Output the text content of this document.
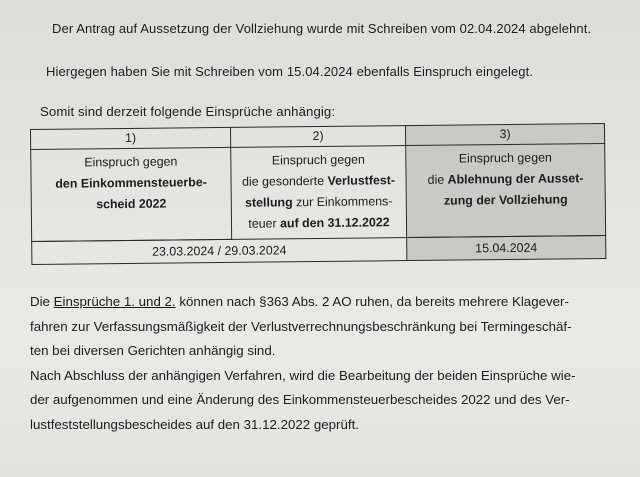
Der Antrag auf Aussetzung der Vollziehung wurde mit Schreiben vom 02.04.2024 abgelehnt.
Hiergegen haben Sie mit Schreiben vom 15.04.2024 ebenfalls Einspruch eingelegt.
Somit sind derzeit folgende Einsprüche anhängig:
1)	2)	3)

Einspruch gegen
den Einkommensteuerbe-
scheid 2022	Einspruch gegen
die gesonderte Verlustfest-
stellung zur Einkommens-
teuer auf den 31.12.2022	Einspruch gegen
die Ablehnung der Ausset-
zung der Vollziehung

23.03.2024 / 29.03.2024		15.04.2024
Die Einsprüche 1. und 2. können nach §363 Abs. 2 AO ruhen, da bereits mehrere Klagever-
fahren zur Verfassungsmäßigkeit der Verlustverrechnungsbeschränkung bei Termingeschäf-
ten bei diversen Gerichten anhängig sind.
Nach Abschluss der anhängigen Verfahren, wird die Bearbeitung der beiden Einsprüche wie-
der aufgenommen und eine Änderung des Einkommensteuerbescheides 2022 und des Ver-
lustfeststellungsbescheides auf den 31.12.2022 geprüft.
